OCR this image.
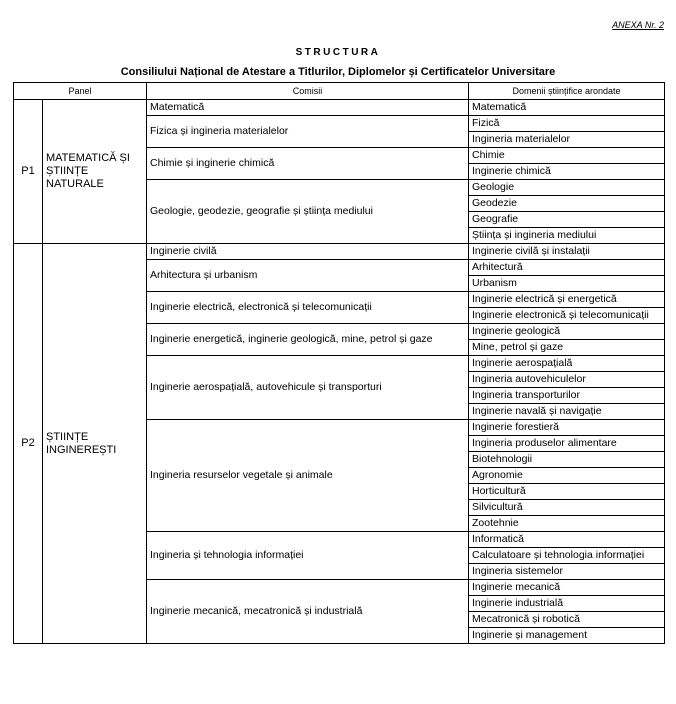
ANEXA Nr. 2
STRUCTURA
Consiliului Național de Atestare a Titlurilor, Diplomelor și Certificatelor Universitare
Panel		Comisii	Domenii științifice arondate
P1	MATEMATICĂ ȘI ȘTIINȚE NATURALE	Matematică	Matematică
		Fizica și ingineria materialelor	Fizică
			Ingineria materialelor
		Chimie și inginerie chimică	Chimie
			Inginerie chimică
		Geologie, geodezie, geografie și știința mediului	Geologie
			Geodezie
			Geografie
			Știința și ingineria mediului
P2	ȘTIINȚE INGINEREȘTI	Inginerie civilă	Inginerie civilă și instalații
		Arhitectura și urbanism	Arhitectură
			Urbanism
		Inginerie electrică, electronică și telecomunicații	Inginerie electrică și energetică
			Inginerie electronică și telecomunicații
		Inginerie energetică, inginerie geologică, mine, petrol și gaze	Inginerie geologică
			Mine, petrol și gaze
		Inginerie aerospațială, autovehicule și transporturi	Inginerie aerospațială
			Ingineria autovehiculelor
			Ingineria transporturilor
			Inginerie navală și navigație
		Ingineria resurselor vegetale și animale	Inginerie forestieră
			Ingineria produselor alimentare
			Biotehnologii
			Agronomie
			Horticultură
			Silvicultură
			Zootehnie
		Ingineria și tehnologia informației	Informatică
			Calculatoare și tehnologia informației
			Ingineria sistemelor
		Inginerie mecanică, mecatronică și industrială	Inginerie mecanică
			Inginerie industrială
			Mecatronică și robotică
			Inginerie și management
